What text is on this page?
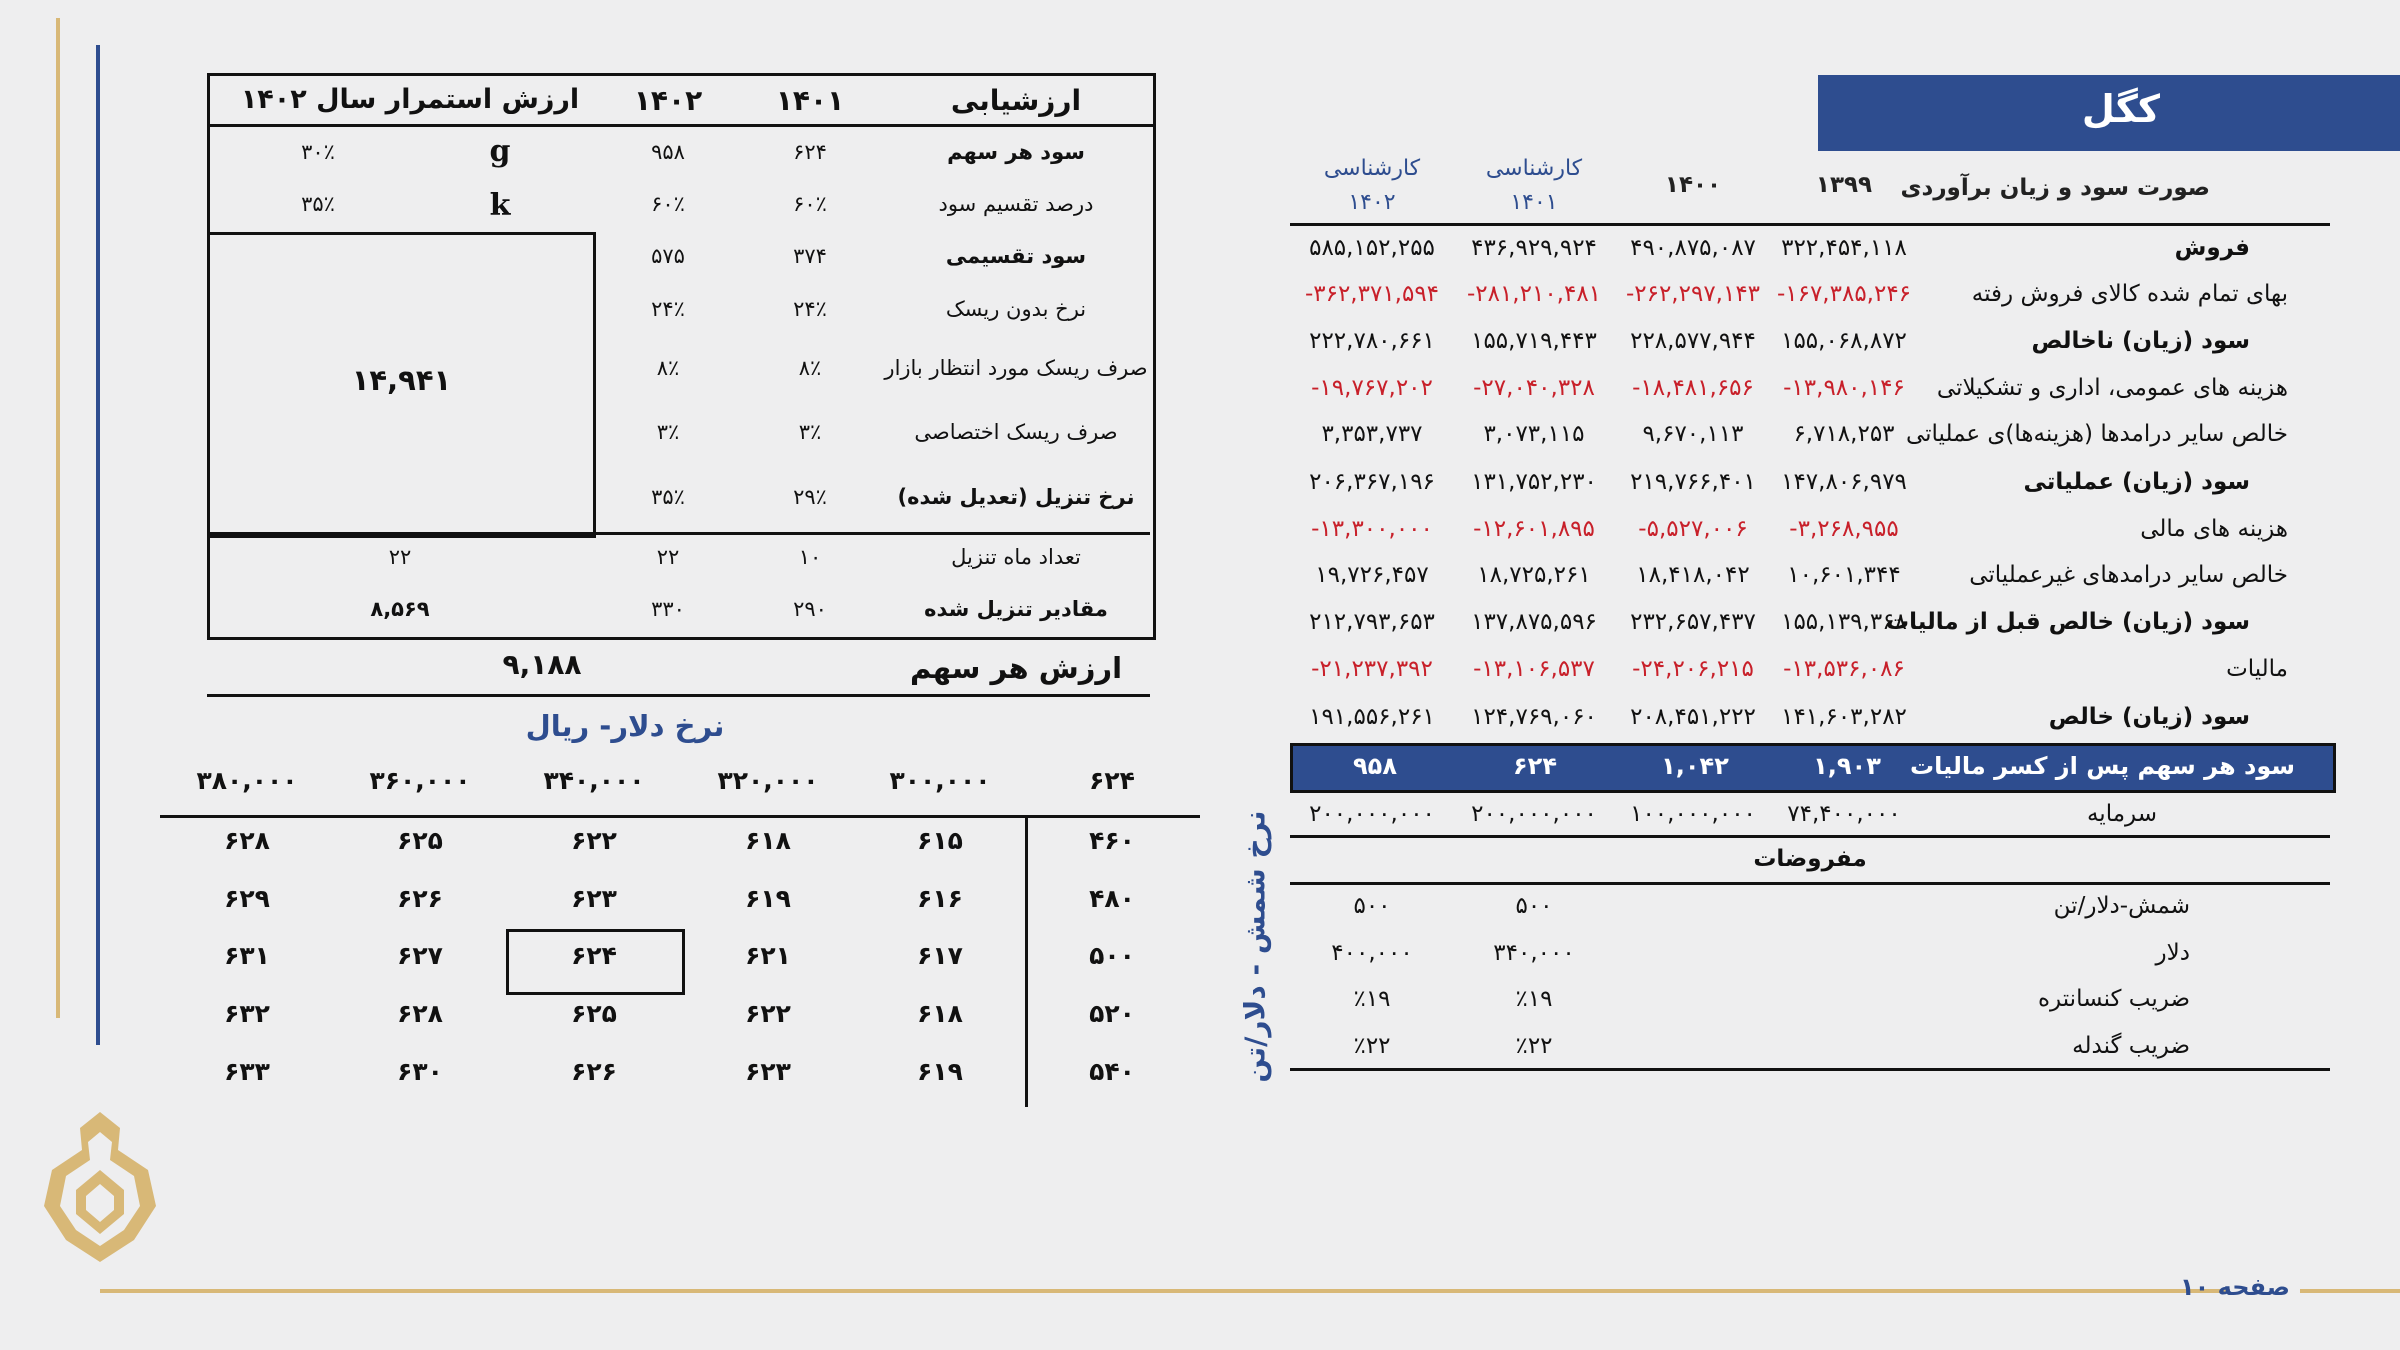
صفحه ۱۰
کگل
صورت سود و زیان برآوردی
۱۳۹۹
۱۴۰۰
کارشناسی
۱۴۰۱
کارشناسی
۱۴۰۲
فروش
۳۲۲,۴۵۴,۱۱۸
۴۹۰,۸۷۵,۰۸۷
۴۳۶,۹۲۹,۹۲۴
۵۸۵,۱۵۲,۲۵۵
بهای تمام شده کالای فروش رفته
-۱۶۷,۳۸۵,۲۴۶
-۲۶۲,۲۹۷,۱۴۳
-۲۸۱,۲۱۰,۴۸۱
-۳۶۲,۳۷۱,۵۹۴
سود (زیان) ناخالص
۱۵۵,۰۶۸,۸۷۲
۲۲۸,۵۷۷,۹۴۴
۱۵۵,۷۱۹,۴۴۳
۲۲۲,۷۸۰,۶۶۱
هزینه های عمومی، اداری و تشکیلاتی
-۱۳,۹۸۰,۱۴۶
-۱۸,۴۸۱,۶۵۶
-۲۷,۰۴۰,۳۲۸
-۱۹,۷۶۷,۲۰۲
خالص سایر درامدها (هزینه‌ها)ی عملیاتی
۶,۷۱۸,۲۵۳
۹,۶۷۰,۱۱۳
۳,۰۷۳,۱۱۵
۳,۳۵۳,۷۳۷
سود (زیان) عملیاتی
۱۴۷,۸۰۶,۹۷۹
۲۱۹,۷۶۶,۴۰۱
۱۳۱,۷۵۲,۲۳۰
۲۰۶,۳۶۷,۱۹۶
هزینه های مالی
-۳,۲۶۸,۹۵۵
-۵,۵۲۷,۰۰۶
-۱۲,۶۰۱,۸۹۵
-۱۳,۳۰۰,۰۰۰
خالص سایر درامدهای غیرعملیاتی
۱۰,۶۰۱,۳۴۴
۱۸,۴۱۸,۰۴۲
۱۸,۷۲۵,۲۶۱
۱۹,۷۲۶,۴۵۷
سود (زیان) خالص قبل از مالیات
۱۵۵,۱۳۹,۳۶۸
۲۳۲,۶۵۷,۴۳۷
۱۳۷,۸۷۵,۵۹۶
۲۱۲,۷۹۳,۶۵۳
مالیات
-۱۳,۵۳۶,۰۸۶
-۲۴,۲۰۶,۲۱۵
-۱۳,۱۰۶,۵۳۷
-۲۱,۲۳۷,۳۹۲
سود (زیان) خالص
۱۴۱,۶۰۳,۲۸۲
۲۰۸,۴۵۱,۲۲۲
۱۲۴,۷۶۹,۰۶۰
۱۹۱,۵۵۶,۲۶۱
سود هر سهم پس از کسر مالیات
۱,۹۰۳
۱,۰۴۲
۶۲۴
۹۵۸
سرمایه
۷۴,۴۰۰,۰۰۰
۱۰۰,۰۰۰,۰۰۰
۲۰۰,۰۰۰,۰۰۰
۲۰۰,۰۰۰,۰۰۰
مفروضات
شمش-دلار/تن
۵۰۰
۵۰۰
دلار
۳۴۰,۰۰۰
۴۰۰,۰۰۰
ضریب کنسانتره
٪۱۹
٪۱۹
ضریب گندله
٪۲۲
٪۲۲
۱۴,۹۴۱
ارزشیابی
۱۴۰۱
۱۴۰۲
ارزش استمرار سال ۱۴۰۲
g
۳۰٪
k
۳۵٪
سود هر سهم
۶۲۴
۹۵۸
درصد تقسیم سود
۶۰٪
۶۰٪
سود تقسیمی
۳۷۴
۵۷۵
نرخ بدون ریسک
۲۴٪
۲۴٪
صرف ریسک مورد انتظار بازار
۸٪
۸٪
صرف ریسک اختصاصی
۳٪
۳٪
نرخ تنزیل (تعدیل شده)
۲۹٪
۳۵٪
تعداد ماه تنزیل
۱۰
۲۲
۲۲
مقادیر تنزیل شده
۲۹۰
۳۳۰
۸,۵۶۹
ارزش هر سهم
۹,۱۸۸
نرخ دلار- ریال
نرخ شمش - دلار/تن
۶۲۴
۳۰۰,۰۰۰
۳۲۰,۰۰۰
۳۴۰,۰۰۰
۳۶۰,۰۰۰
۳۸۰,۰۰۰
۴۶۰
۶۱۵
۶۱۸
۶۲۲
۶۲۵
۶۲۸
۴۸۰
۶۱۶
۶۱۹
۶۲۳
۶۲۶
۶۲۹
۵۰۰
۶۱۷
۶۲۱
۶۲۴
۶۲۷
۶۳۱
۵۲۰
۶۱۸
۶۲۲
۶۲۵
۶۲۸
۶۳۲
۵۴۰
۶۱۹
۶۲۳
۶۲۶
۶۳۰
۶۳۳
